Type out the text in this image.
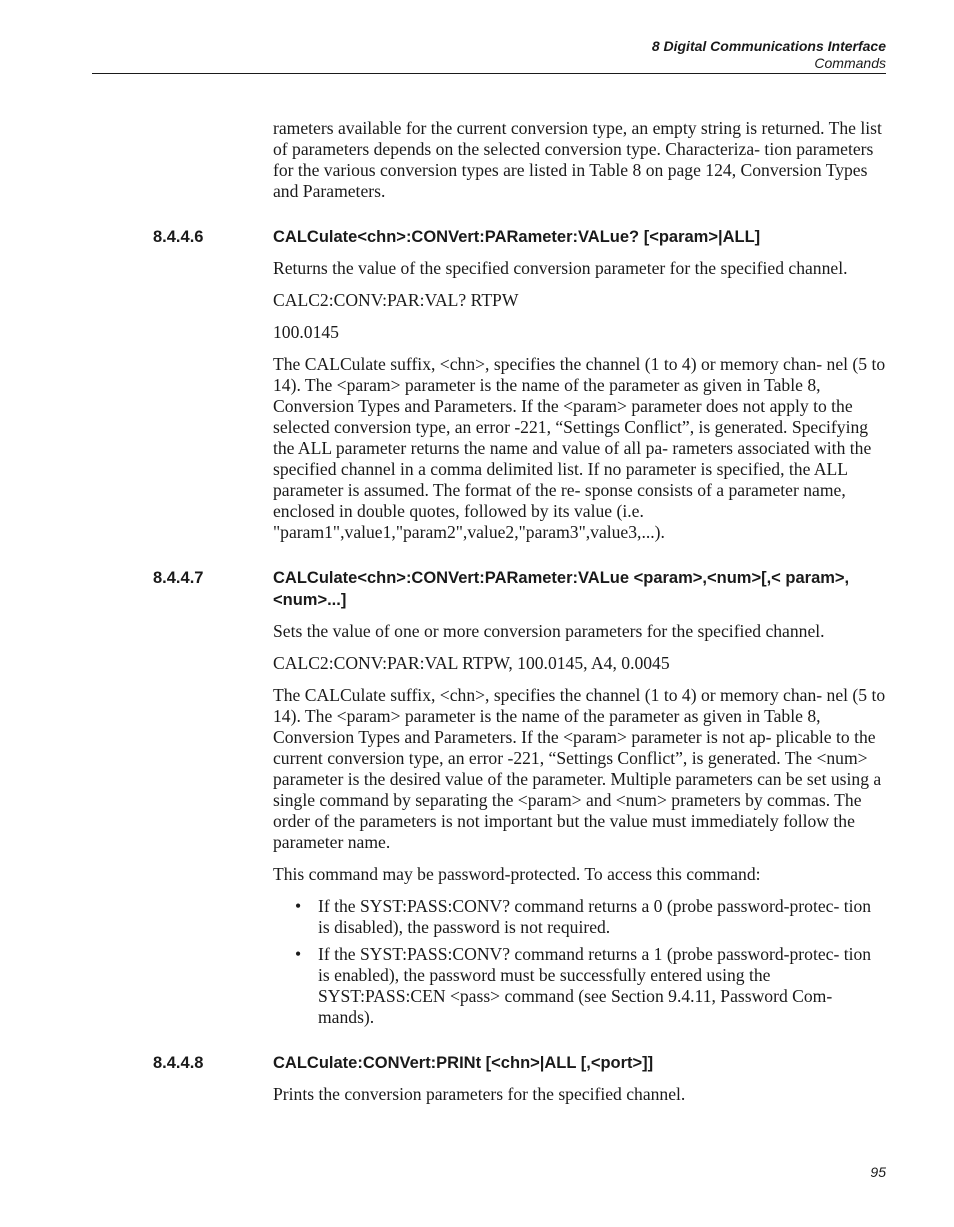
8 Digital Communications Interface
Commands

rameters available for the current conversion type, an empty string is returned. The list of parameters depends on the selected conversion type. Characteriza- tion parameters for the various conversion types are listed in Table 8 on page 124, Conversion Types and Parameters.

8.4.4.6	CALCulate<chn>:CONVert:PARameter:VALue? [<param>|ALL]

Returns the value of the specified conversion parameter for the specified channel.

CALC2:CONV:PAR:VAL? RTPW

100.0145

The CALCulate suffix, <chn>, specifies the channel (1 to 4) or memory chan- nel (5 to 14). The <param> parameter is the name of the parameter as given in Table 8, Conversion Types and Parameters. If the <param> parameter does not apply to the selected conversion type, an error -221, “Settings Conflict”, is generated. Specifying the ALL parameter returns the name and value of all pa- rameters associated with the specified channel in a comma delimited list. If no parameter is specified, the ALL parameter is assumed. The format of the re- sponse consists of a parameter name, enclosed in double quotes, followed by its value (i.e. "param1",value1,"param2",value2,"param3",value3,...).

8.4.4.7	CALCulate<chn>:CONVert:PARameter:VALue <param>,<num>[,< param>,<num>...]

Sets the value of one or more conversion parameters for the specified channel.

CALC2:CONV:PAR:VAL RTPW, 100.0145, A4, 0.0045

The CALCulate suffix, <chn>, specifies the channel (1 to 4) or memory chan- nel (5 to 14). The <param> parameter is the name of the parameter as given in Table 8, Conversion Types and Parameters. If the <param> parameter is not ap- plicable to the current conversion type, an error -221, “Settings Conflict”, is generated. The <num> parameter is the desired value of the parameter. Multiple parameters can be set using a single command by separating the <param> and <num> prameters by commas. The order of the parameters is not important but the value must immediately follow the parameter name.

This command may be password-protected. To access this command:

• If the SYST:PASS:CONV? command returns a 0 (probe password-protec- tion is disabled), the password is not required.
• If the SYST:PASS:CONV? command returns a 1 (probe password-protec- tion is enabled), the password must be successfully entered using the SYST:PASS:CEN <pass> command (see Section 9.4.11, Password Com- mands).
8.4.4.8	CALCulate:CONVert:PRINt [<chn>|ALL [,<port>]]

Prints the conversion parameters for the specified channel.

95
